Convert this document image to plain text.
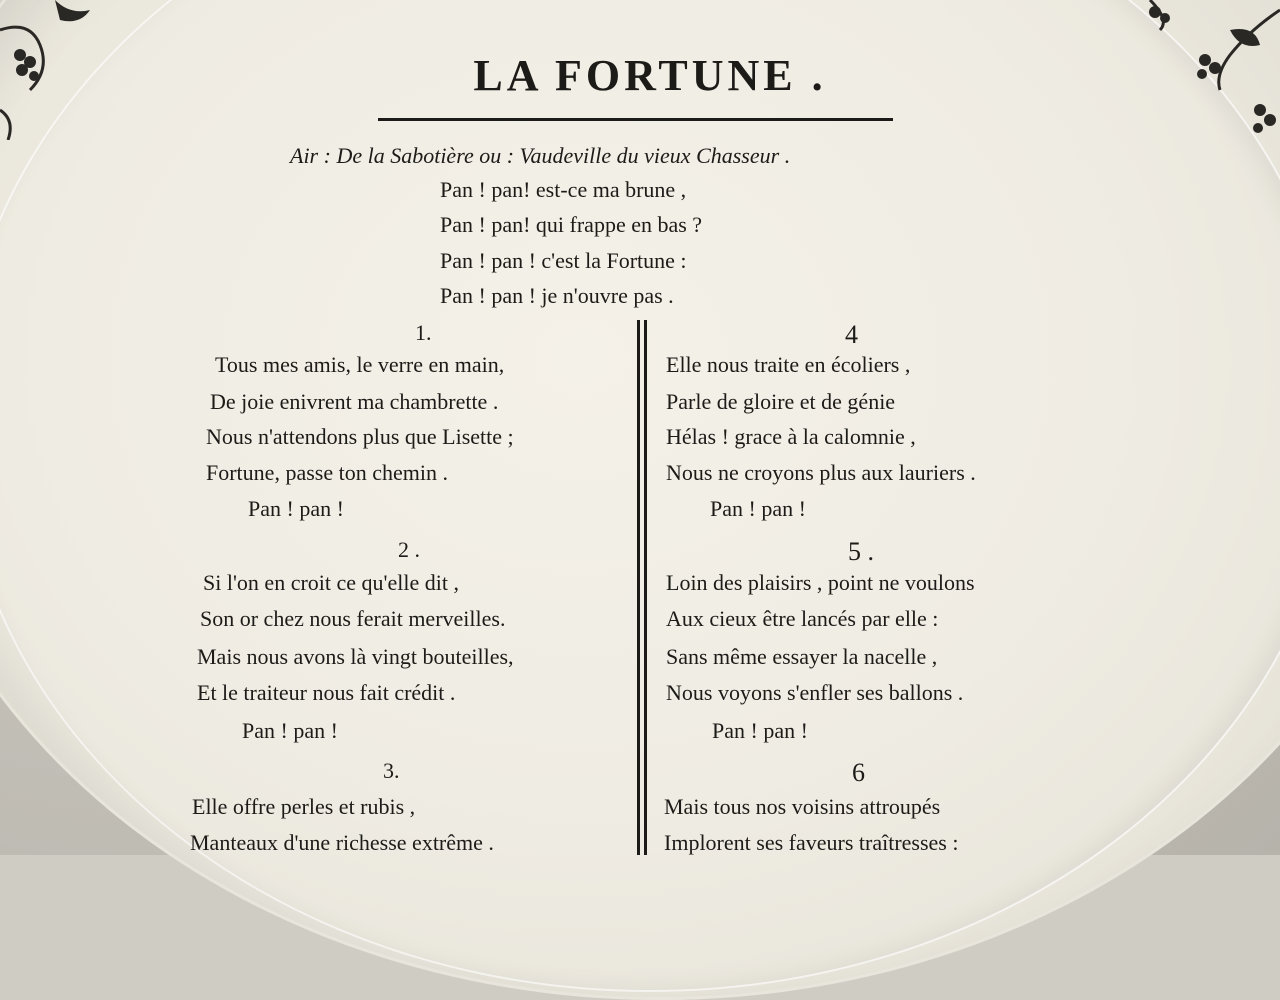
LA FORTUNE .
Air : De la Sabotière ou : Vaudeville du vieux Chasseur .
Pan ! pan! est-ce ma brune ,
Pan ! pan! qui frappe en bas ?
Pan ! pan ! c'est la Fortune :
Pan ! pan ! je n'ouvre pas .
1.
Tous mes amis, le verre en main,
De joie enivrent ma chambrette .
Nous n'attendons plus que Lisette ;
Fortune, passe ton chemin .
Pan ! pan !
2 .
Si l'on en croit ce qu'elle dit ,
Son or chez nous ferait merveilles.
Mais nous avons là vingt bouteilles,
Et le traiteur nous fait crédit .
Pan ! pan !
3.
Elle offre perles et rubis ,
Manteaux d'une richesse extrême .
4
Elle nous traite en écoliers ,
Parle de gloire et de génie
Hélas ! grace à la calomnie ,
Nous ne croyons plus aux lauriers .
Pan ! pan !
5 .
Loin des plaisirs , point ne voulons
Aux cieux être lancés par elle :
Sans même essayer la nacelle ,
Nous voyons s'enfler ses ballons .
Pan ! pan !
6
Mais tous nos voisins attroupés
Implorent ses faveurs traîtresses :
